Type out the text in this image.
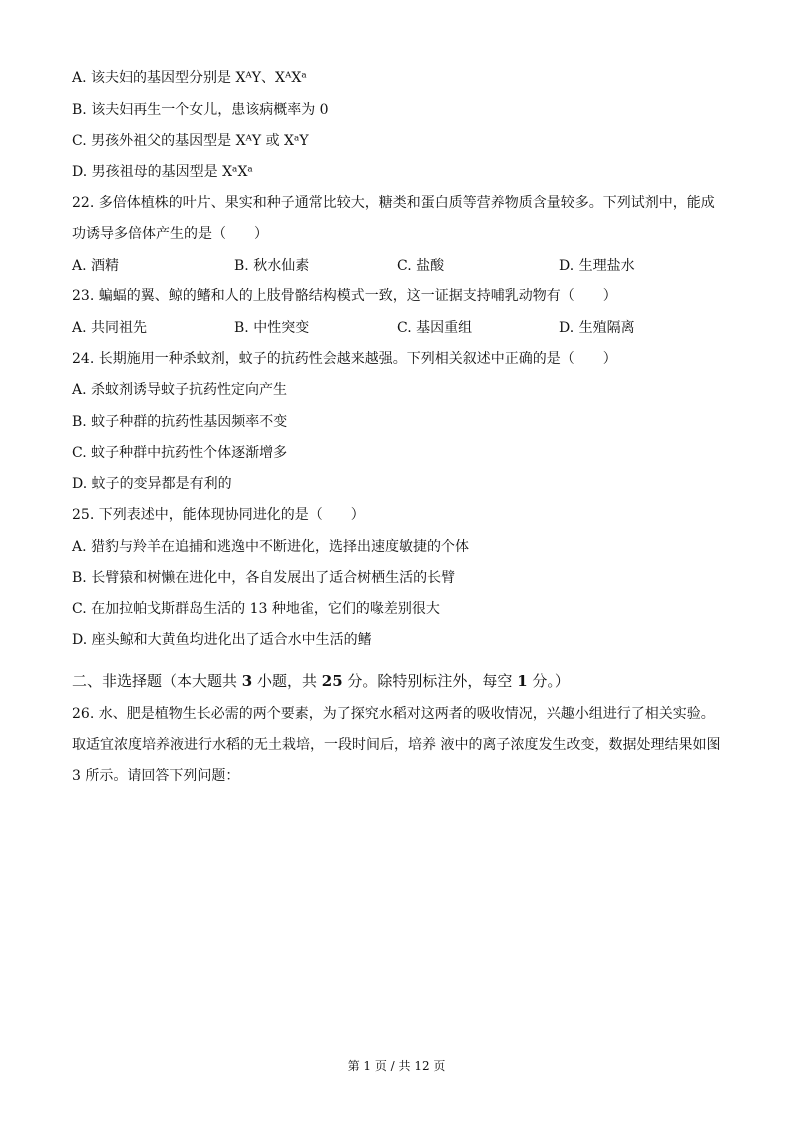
A. 该夫妇的基因型分别是 XᴬY、XᴬXᵃ
B. 该夫妇再生一个女儿，患该病概率为 0
C. 男孩外祖父的基因型是 XᴬY 或 XᵃY
D. 男孩祖母的基因型是 XᵃXᵃ
22. 多倍体植株的叶片、果实和种子通常比较大，糖类和蛋白质等营养物质含量较多。下列试剂中，能成功诱导多倍体产生的是（　　）
A. 酒精	B. 秋水仙素	C. 盐酸	D. 生理盐水
23. 蝙蝠的翼、鲸的鳍和人的上肢骨骼结构模式一致，这一证据支持哺乳动物有（　　）
A. 共同祖先	B. 中性突变	C. 基因重组	D. 生殖隔离
24. 长期施用一种杀蚊剂，蚊子的抗药性会越来越强。下列相关叙述中正确的是（　　）
A. 杀蚊剂诱导蚊子抗药性定向产生
B. 蚊子种群的抗药性基因频率不变
C. 蚊子种群中抗药性个体逐渐增多
D. 蚊子的变异都是有利的
25. 下列表述中，能体现协同进化的是（　　）
A. 猎豹与羚羊在追捕和逃逸中不断进化，选择出速度敏捷的个体
B. 长臂猿和树懒在进化中，各自发展出了适合树栖生活的长臂
C. 在加拉帕戈斯群岛生活的 13 种地雀，它们的喙差别很大
D. 座头鲸和大黄鱼均进化出了适合水中生活的鳍
二、非选择题（本大题共 3 小题，共 25 分。除特别标注外，每空 1 分。）
26. 水、肥是植物生长必需的两个要素，为了探究水稻对这两者的吸收情况，兴趣小组进行了相关实验。取适宜浓度培养液进行水稻的无土栽培，一段时间后，培养 液中的离子浓度发生改变，数据处理结果如图 3 所示。请回答下列问题：
第 1 页 / 共 12 页
